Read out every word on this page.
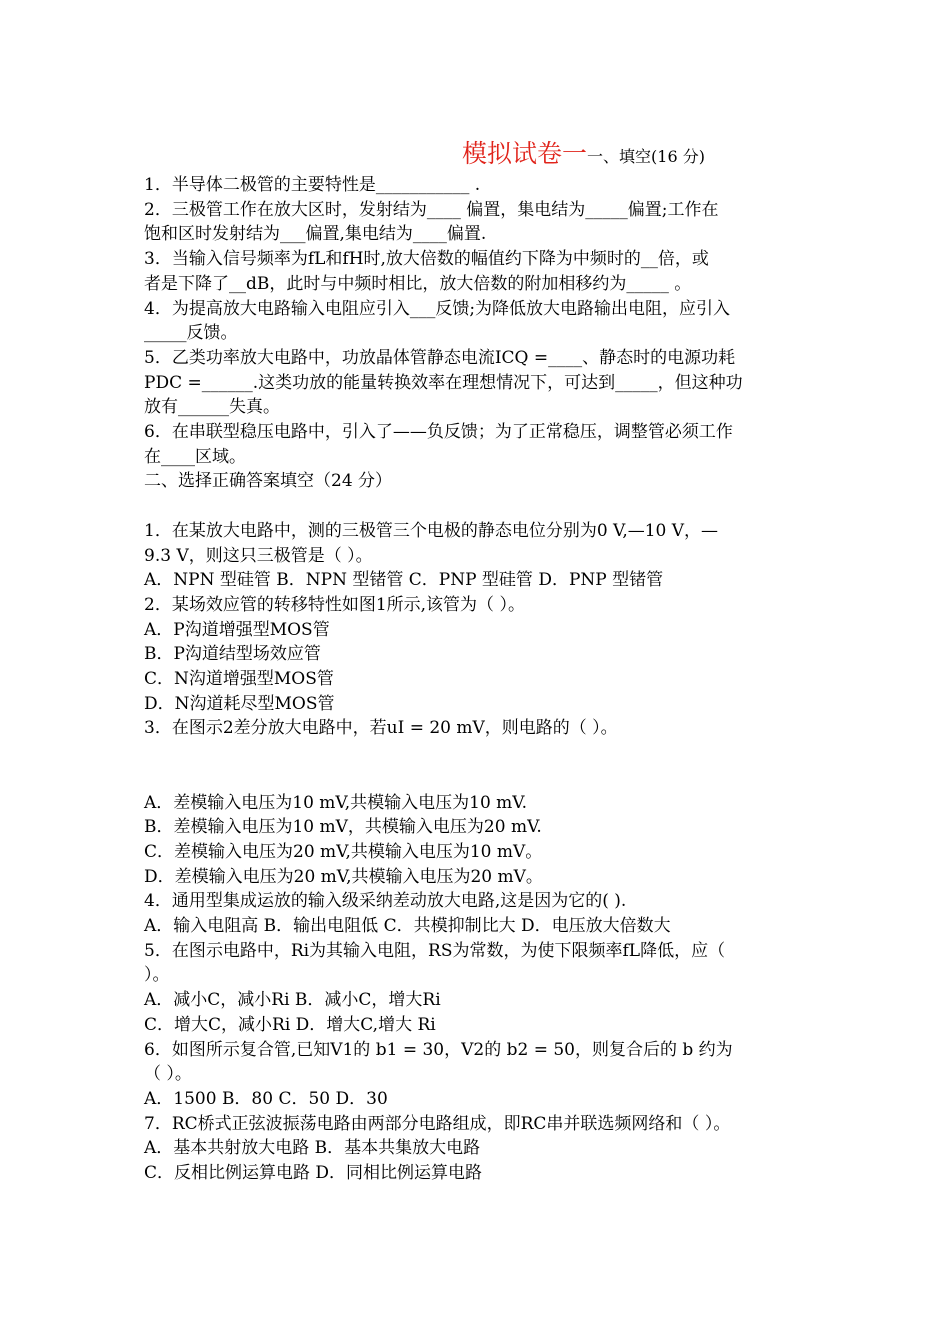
模拟试卷一一、填空(16 分)

1．半导体二极管的主要特性是___________ .

2．三极管工作在放大区时，发射结为____ 偏置，集电结为_____偏置;工作在

饱和区时发射结为___偏置,集电结为____偏置.

3．当输入信号频率为fL和fH时,放大倍数的幅值约下降为中频时的__倍，或

者是下降了__dB，此时与中频时相比，放大倍数的附加相移约为_____ 。

4．为提高放大电路输入电阻应引入___反馈;为降低放大电路输出电阻，应引入

_____反馈。

5．乙类功率放大电路中，功放晶体管静态电流ICQ =____、静态时的电源功耗

PDC =______.这类功放的能量转换效率在理想情况下，可达到_____，但这种功

放有______失真。

6．在串联型稳压电路中，引入了——负反馈；为了正常稳压，调整管必须工作

在____区域。

二、选择正确答案填空（24 分）

1．在某放大电路中，测的三极管三个电极的静态电位分别为0 V,—10 V，—

9.3 V，则这只三极管是（ ）。

A．NPN 型硅管 B．NPN 型锗管 C．PNP 型硅管 D．PNP 型锗管

2．某场效应管的转移特性如图1所示,该管为（ ）。

A．P沟道增强型MOS管

B．P沟道结型场效应管

C．N沟道增强型MOS管

D．N沟道耗尽型MOS管

3．在图示2差分放大电路中，若uI = 20 mV，则电路的（ ）。

A．差模输入电压为10 mV,共模输入电压为10 mV.

B．差模输入电压为10 mV，共模输入电压为20 mV.

C．差模输入电压为20 mV,共模输入电压为10 mV。

D．差模输入电压为20 mV,共模输入电压为20 mV。

4．通用型集成运放的输入级采纳差动放大电路,这是因为它的( ).

A．输入电阻高 B．输出电阻低 C．共模抑制比大 D．电压放大倍数大

5．在图示电路中，Ri为其输入电阻，RS为常数，为使下限频率fL降低，应（

）。

A．减小C，减小Ri B．减小C，增大Ri

C．增大C，减小Ri D．增大C,增大 Ri

6．如图所示复合管,已知V1的 b1 = 30，V2的 b2 = 50，则复合后的 b 约为

（ ）。

A．1500 B．80 C．50 D．30

7．RC桥式正弦波振荡电路由两部分电路组成，即RC串并联选频网络和（ ）。

A．基本共射放大电路 B．基本共集放大电路

C．反相比例运算电路 D．同相比例运算电路
